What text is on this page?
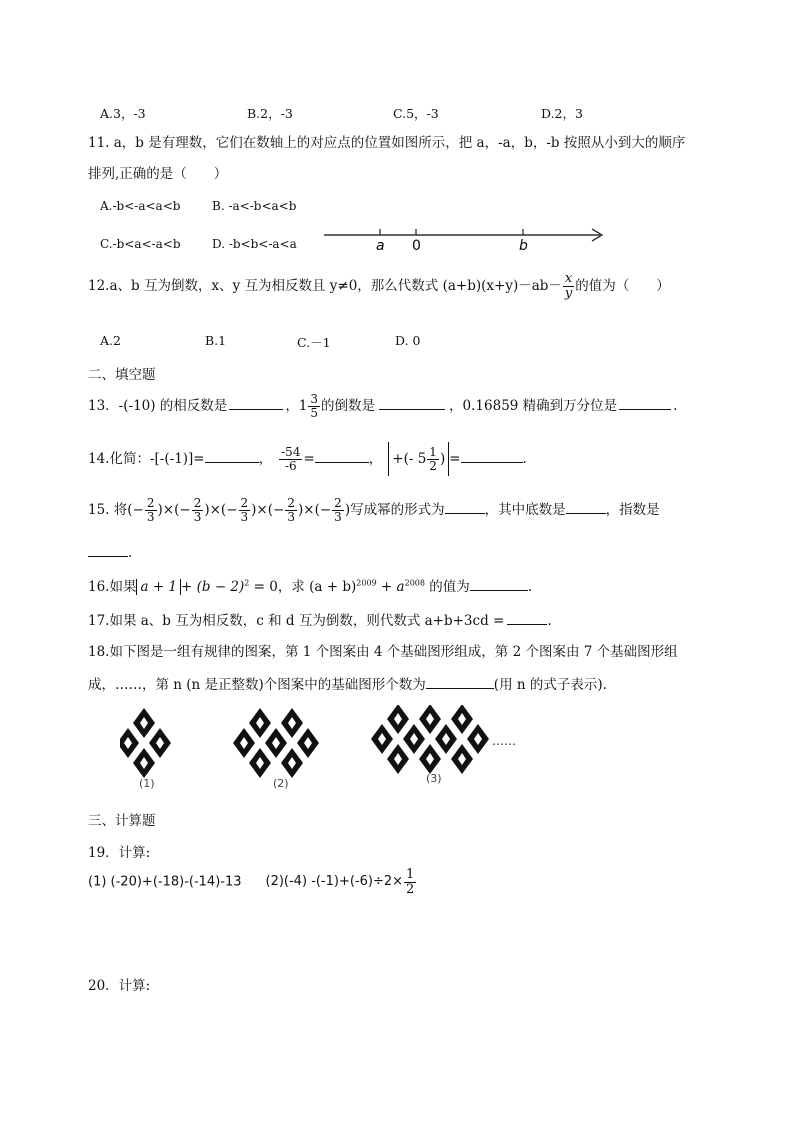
A.3，-3	B.2，-3	C.5，-3	D.2，3
11. a，b 是有理数，它们在数轴上的对应点的位置如图所示，把 a，-a，b，-b 按照从小到大的顺序
排列,正确的是（　　）
A.-b<-a<a<b	B. -a<-b<a<b
C.-b<a<-a<b	D. -b<b<-a<a	a 0	b
12.a、b 互为倒数，x、y 互为相反数且 y≠0，那么代数式 $(a+b)(x+y)-ab- \frac{x}{y}$ 的值为（　　）
A.2	B.1	C.－1	D. 0
二、填空题
13．-(-10) 的相反数是	，$1 \frac{3}{5}$ 的倒数是	，0.16859 精确到万分位是	.
14.化简：-[-(-1)]=	， $\frac{-54}{-6}$ =	， +(- $5 \frac{1}{2}$ ) =	.
15. 将(− $\frac{2}{3}$ )×(− $\frac{2}{3}$ )×(− $\frac{2}{3}$ )×(− $\frac{2}{3}$ )×(− $\frac{2}{3}$ )写成幂的形式为	，其中底数是	，指数是
.
16.如果 $a + 1 + (b - 2)^2 = 0$，求 $(a + b)^{2009} + a^{2008}$ 的值为	.
17.如果 a、b 互为相反数，c 和 d 互为倒数，则代数式 a+b+3cd =	.
18.如下图是一组有规律的图案，第 1 个图案由 4 个基础图形组成，第 2 个图案由 7 个基础图形组
成，……，第 n (n 是正整数)个图案中的基础图形个数为	(用 n 的式子表示).
(1)	(2)	(3)
……
三、计算题
19．计算:
(1) (-20)+(-18)-(-14)-13 (2)(-4) $-(-1)+(-6)\div 2\times \frac{1}{2}$
20．计算:
